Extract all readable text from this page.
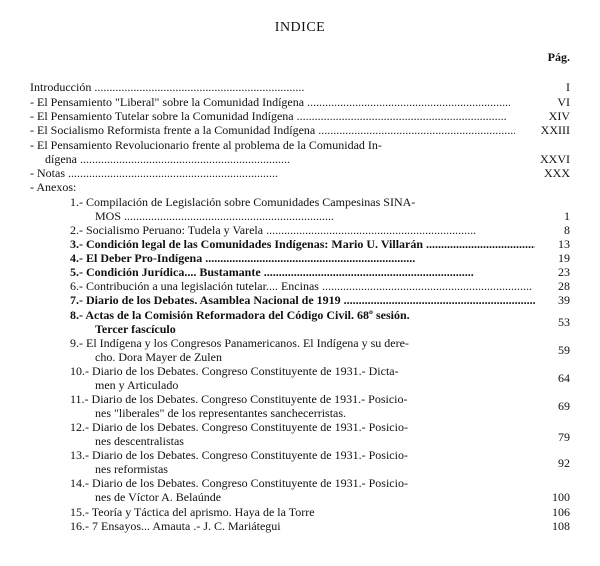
INDICE
Pág.
Introducción .....	I
- El Pensamiento "Liberal" sobre la Comunidad Indígena .....	VI
- El Pensamiento Tutelar sobre la Comunidad Indígena .....	XIV
- El Socialismo Reformista frente a la Comunidad Indígena .....	XXIII
- El Pensamiento Revolucionario frente al problema de la Comunidad In-
dígena .....	XXVI
- Notas .....	XXX
- Anexos:
1.- Compilación de Legislación sobre Comunidades Campesinas SINA-
MOS .....	1
2.- Socialismo Peruano: Tudela y Varela .....	8
3.- Condición legal de las Comunidades Indígenas: Mario U. Villarán .....	13
4.- El Deber Pro-Indígena .....	19
5.- Condición Jurídica.... Bustamante .....	23
6.- Contribución a una legislación tutelar.... Encinas .....	28
7.- Diario de los Debates. Asamblea Nacional de 1919 .....	39
8.- Actas de la Comisión Reformadora del Código Civil. 68º sesión.
Tercer fascículo	53
9.- El Indígena y los Congresos Panamericanos. El Indígena y su dere-
cho. Dora Mayer de Zulen	59
10.- Diario de los Debates. Congreso Constituyente de 1931.- Dicta-
men y Articulado	64
11.- Diario de los Debates. Congreso Constituyente de 1931.- Posicio-
nes "liberales" de los representantes sanchecerristas.	69
12.- Diario de los Debates. Congreso Constituyente de 1931.- Posicio-
nes descentralistas	79
13.- Diario de los Debates. Congreso Constituyente de 1931.- Posicio-
nes reformistas	92
14.- Diario de los Debates. Congreso Constituyente de 1931.- Posicio-
nes de Víctor A. Belaúnde	100
15.- Teoría y Táctica del aprismo. Haya de la Torre	106
16.- 7 Ensayos... Amauta .- J. C. Mariátegui	108
